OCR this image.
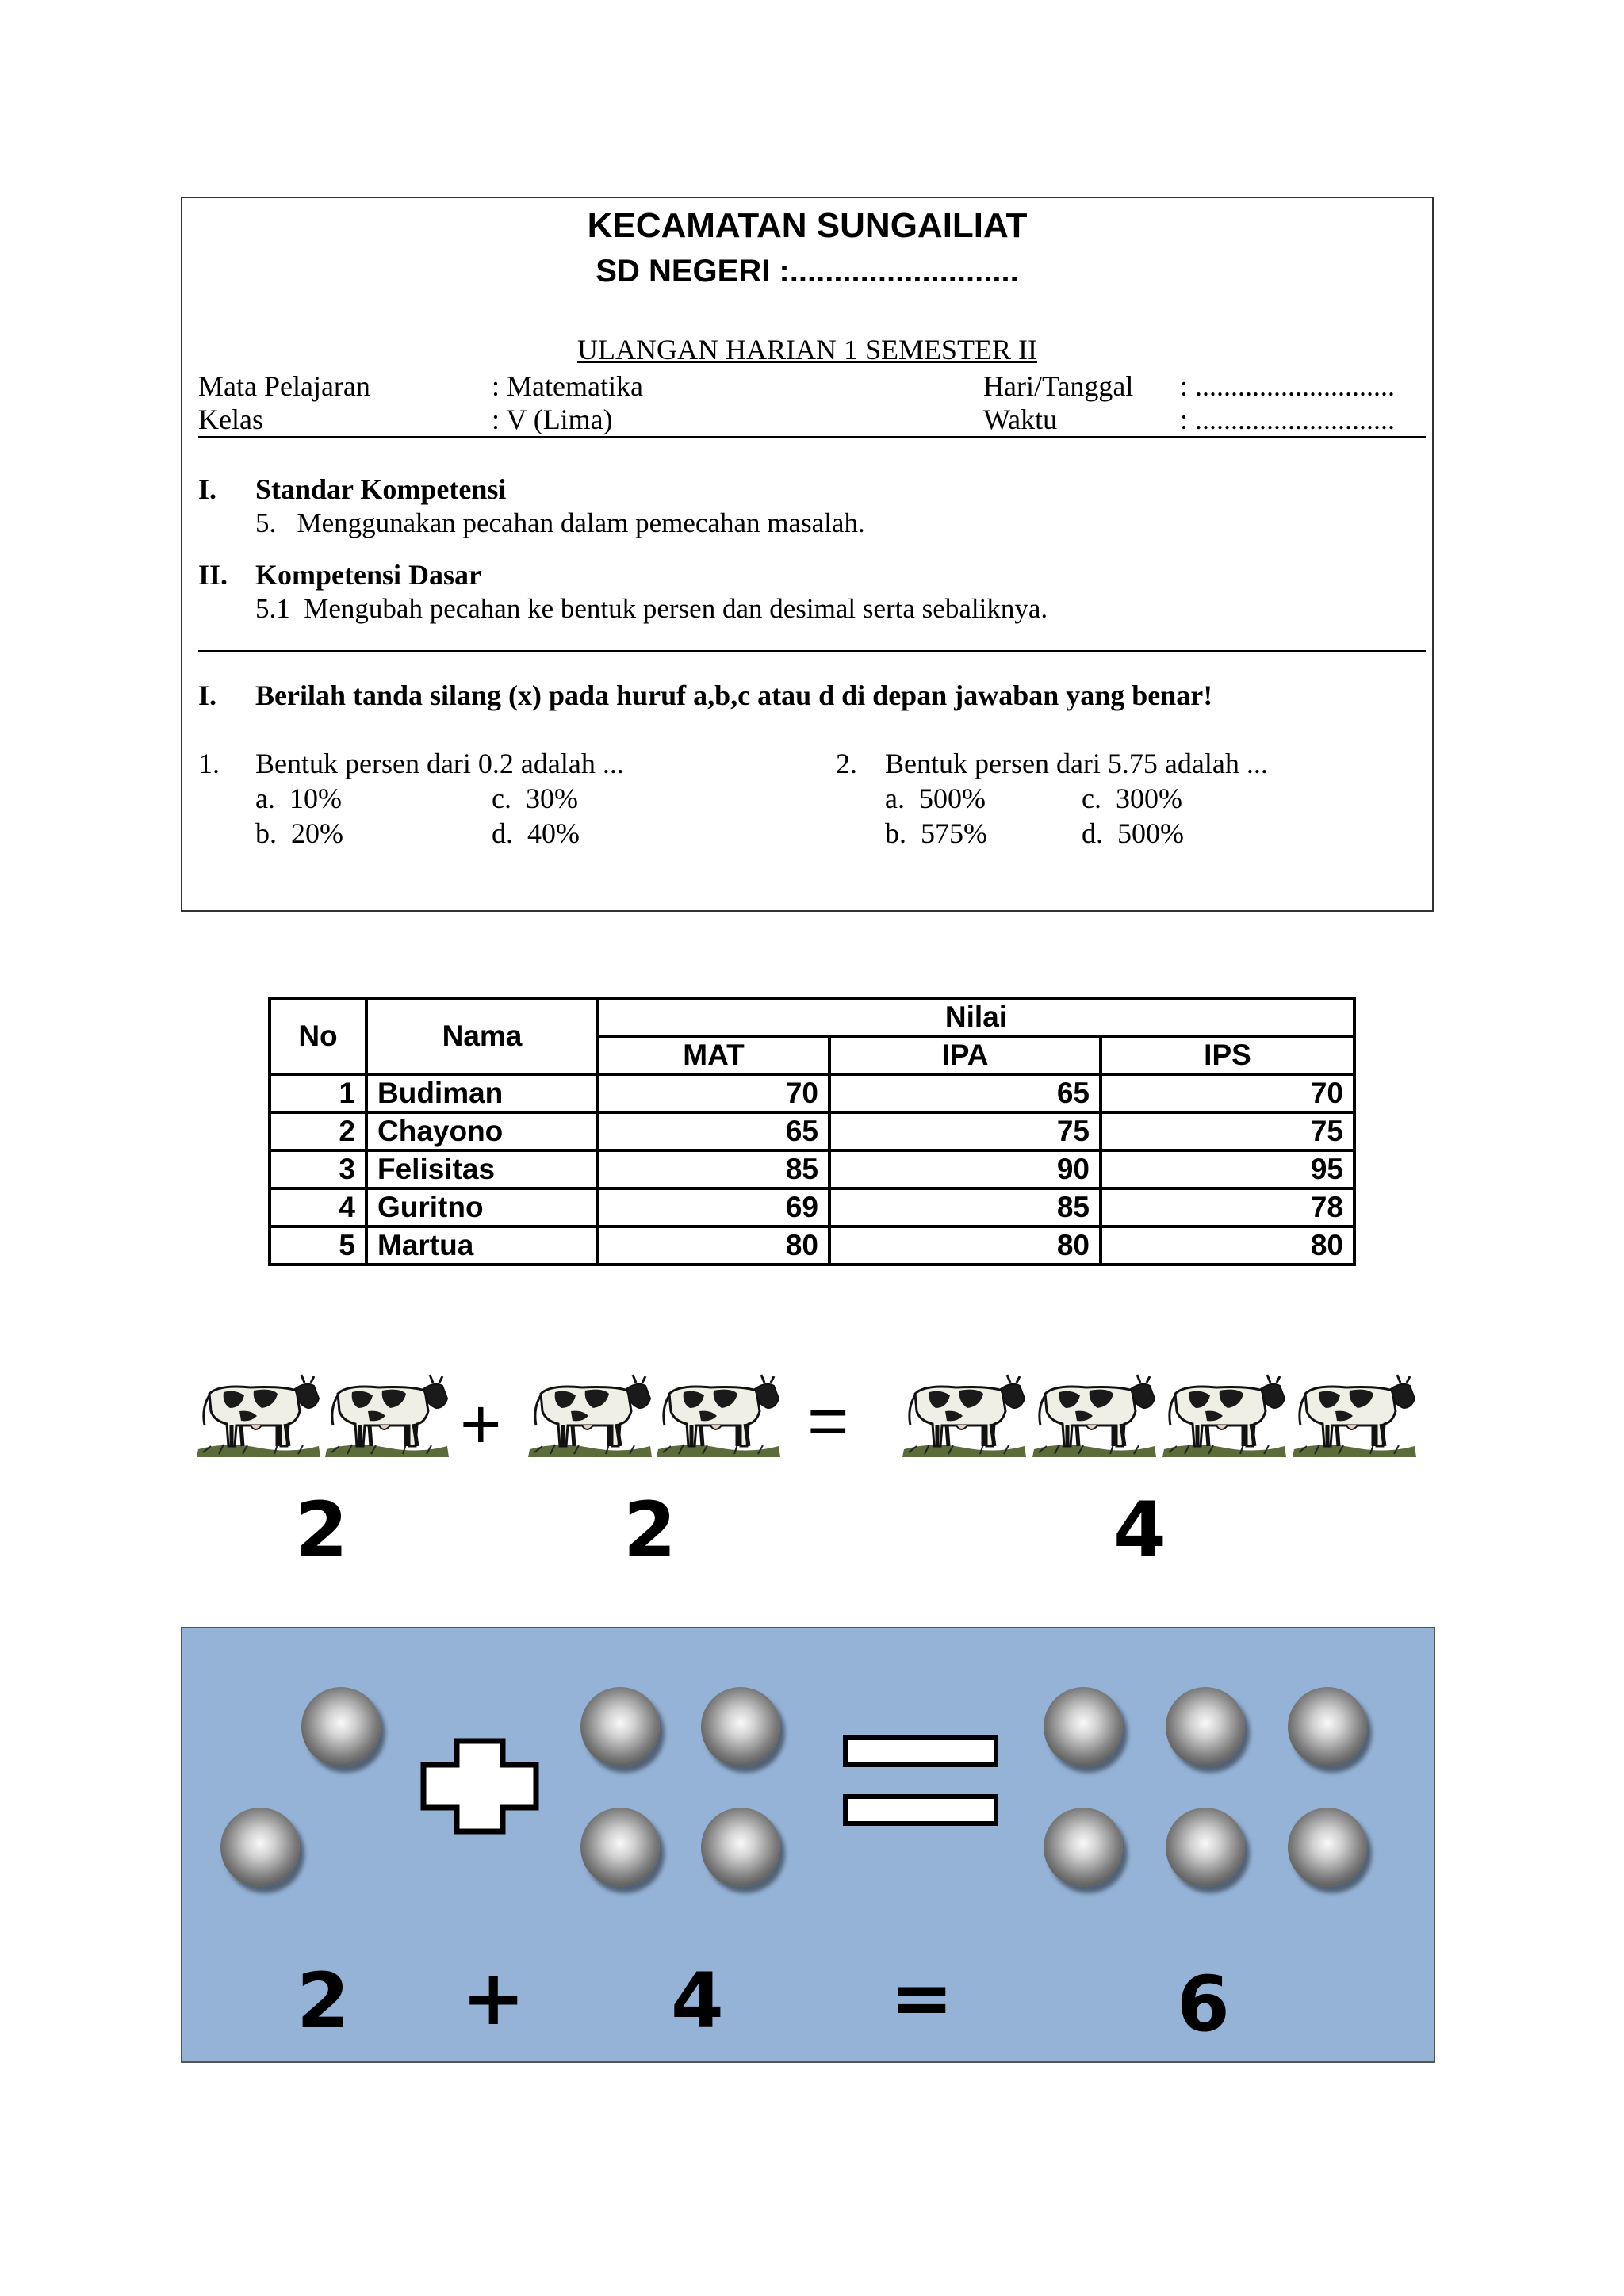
KECAMATAN SUNGAILIAT
SD NEGERI :..........................
ULANGAN HARIAN 1 SEMESTER II
Mata Pelajaran	: Matematika	Hari/Tanggal : ............................
Kelas	: V (Lima)	Waktu	: ............................
I. Standar Kompetensi
5.   Menggunakan pecahan dalam pemecahan masalah.
II. Kompetensi Dasar
5.1  Mengubah pecahan ke bentuk persen dan desimal serta sebaliknya.
I. Berilah tanda silang (x) pada huruf a,b,c atau d di depan jawaban yang benar!
1. Bentuk persen dari 0.2 adalah ...
a.  10%	c.  30%
b.  20%	d.  40%
2. Bentuk persen dari 5.75 adalah ...
a.  500%	c.  300%
b.  575%	d.  500%
No	Nama	Nilai		
		MAT	IPA	IPS
1	Budiman	70	65	70
2	Chayono	65	75	75
3	Felisitas	85	90	95
4	Guritno	69	85	78
5	Martua	80	80	80
+	=
2	2	4
2 + 4 =	6
